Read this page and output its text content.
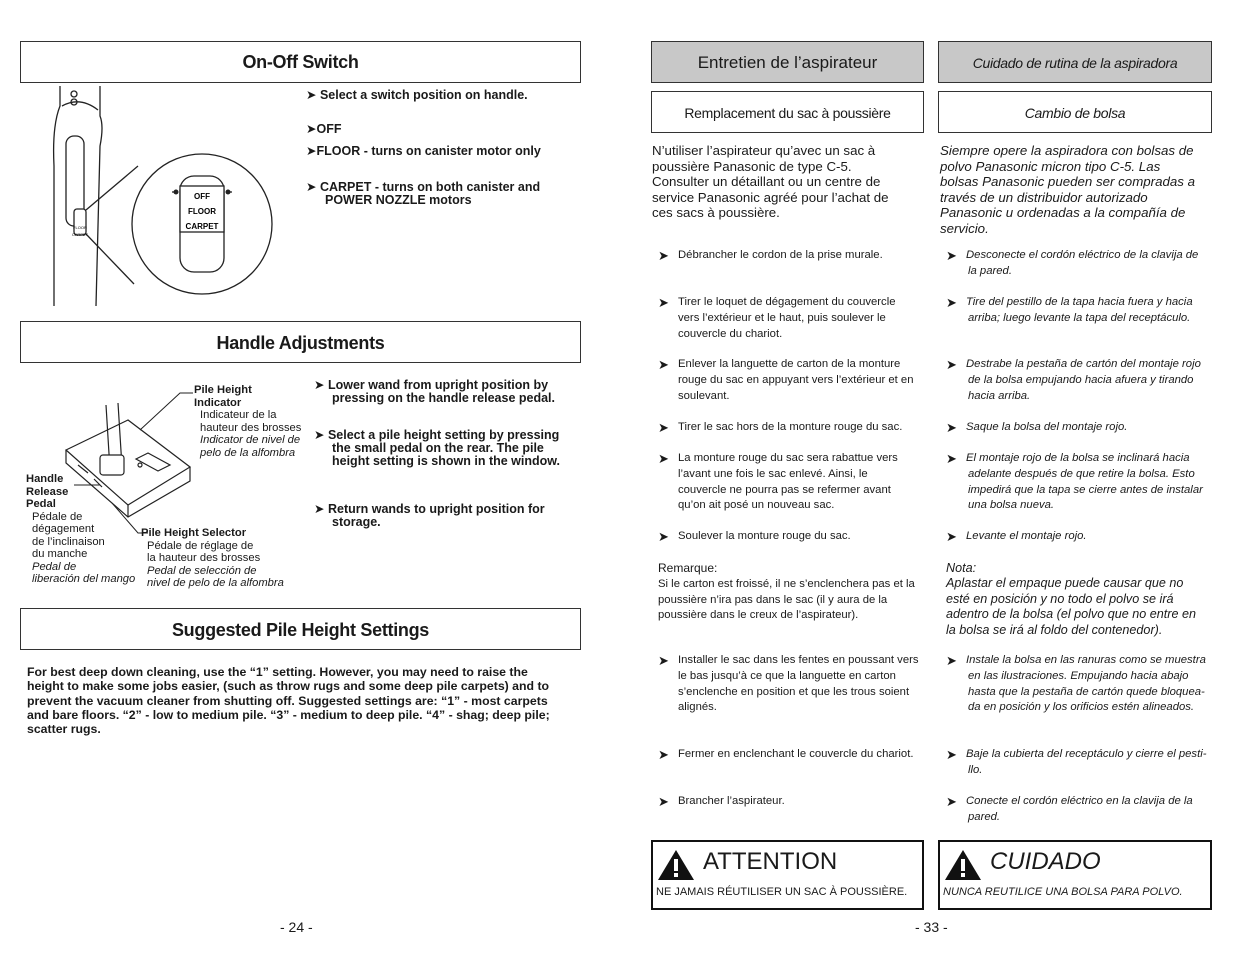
On-Off Switch
OFF
FLOOR
CARPET
FLOOR
CARPET
➤ Select a switch position on handle.
➤OFF
➤FLOOR - turns on canister motor only
➤ CARPET - turns on both canister and
POWER NOZZLE motors
Handle Adjustments
Pile Height
Indicator
Indicateur de la
hauteur des brosses
Indicator de nivel de
pelo de la alfombra
Handle
Release
Pedal
Pédale de
dégagement
de l’inclinaison
du manche
Pedal de
liberación del mango
Pile Height Selector
Pédale de réglage de
la hauteur des brosses
Pedal de selección de
nivel de pelo de la alfombra
➤ Lower wand from upright position by
pressing on the handle release pedal.
➤ Select a pile height setting by pressing
the small pedal on the rear. The pile
height setting is shown in the window.
➤ Return wands to upright position for
storage.
Suggested Pile Height Settings
For best deep down cleaning, use the “1” setting. However, you may need to raise the
height to make some jobs easier, (such as throw rugs and some deep pile carpets) and to
prevent the vacuum cleaner from shutting off. Suggested settings are: “1” - most carpets
and bare floors. “2” - low to medium pile. “3” - medium to deep pile. “4” - shag; deep pile;
scatter rugs.
- 24 -
Entretien de l’aspirateur	Cuidado de rutina de la aspiradora
Remplacement du sac à poussière	Cambio de bolsa
N’utiliser l’aspirateur qu’avec un sac à
poussière Panasonic de type C-5.
Consulter un détaillant ou un centre de
service Panasonic agréé pour l’achat de
ces sacs à poussière.
Siempre opere la aspiradora con bolsas de
polvo Panasonic micron tipo C-5. Las
bolsas Panasonic pueden ser compradas a
través de un distribuidor autorizado
Panasonic u ordenadas a la compañía de
servicio.
➤ Débrancher le cordon de la prise murale.
➤ Tirer le loquet de dégagement du couvercle
vers l’extérieur et le haut, puis soulever le
couvercle du chariot.
➤ Enlever la languette de carton de la monture
rouge du sac en appuyant vers l’extérieur et en
soulevant.
➤ Tirer le sac hors de la monture rouge du sac.
➤ La monture rouge du sac sera rabattue vers
l’avant une fois le sac enlevé. Ainsi, le
couvercle ne pourra pas se refermer avant
qu’on ait posé un nouveau sac.
➤ Soulever la monture rouge du sac.
Remarque:
Si le carton est froissé, il ne s’enclenchera pas et la
poussière n’ira pas dans le sac (il y aura de la
poussière dans le creux de l’aspirateur).
➤ Installer le sac dans les fentes en poussant vers
le bas jusqu’à ce que la languette en carton
s’enclenche en position et que les trous soient
alignés.
➤ Fermer en enclenchant le couvercle du chariot.
➤ Brancher l’aspirateur.
➤ Desconecte el cordón eléctrico de la clavija de
la pared.
➤ Tire del pestillo de la tapa hacia fuera y hacia
arriba; luego levante la tapa del receptáculo.
➤ Destrabe la pestaña de cartón del montaje rojo
de la bolsa empujando hacia afuera y tirando
hacia arriba.
➤ Saque la bolsa del montaje rojo.
➤ El montaje rojo de la bolsa se inclinará hacia
adelante después de que retire la bolsa. Esto
impedirá que la tapa se cierre antes de instalar
una bolsa nueva.
➤ Levante el montaje rojo.
Nota:
Aplastar el empaque puede causar que no
esté en posición y no todo el polvo se irá
adentro de la bolsa (el polvo que no entre en
la bolsa se irá al foldo del contenedor).
➤ Instale la bolsa en las ranuras como se muestra
en las ilustraciones. Empujando hacia abajo
hasta que la pestaña de cartón quede bloquea-
da en posición y los orificios estén alineados.
➤ Baje la cubierta del receptáculo y cierre el pesti-
llo.
➤ Conecte el cordón eléctrico en la clavija de la
pared.
ATTENTION
NE JAMAIS RÉUTILISER UN SAC À POUSSIÈRE.
CUIDADO
NUNCA REUTILICE UNA BOLSA PARA POLVO.
- 33 -
